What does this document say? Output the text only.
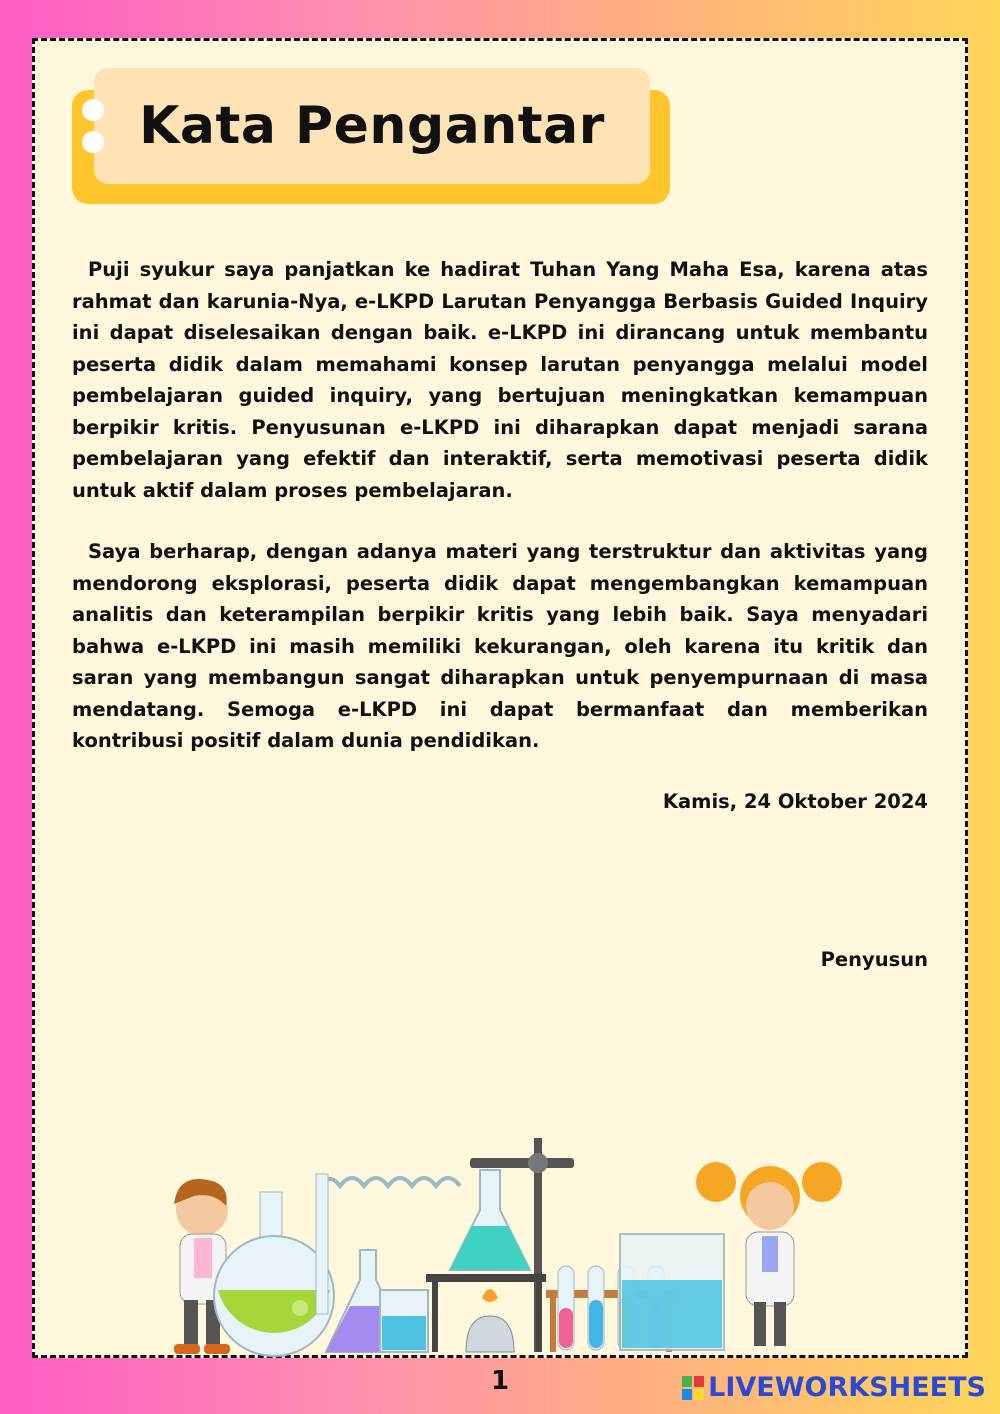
Kata Pengantar

Puji syukur saya panjatkan ke hadirat Tuhan Yang Maha Esa, karena atas rahmat dan karunia-Nya, e-LKPD Larutan Penyangga Berbasis Guided Inquiry ini dapat diselesaikan dengan baik. e-LKPD ini dirancang untuk membantu peserta didik dalam memahami konsep larutan penyangga melalui model pembelajaran guided inquiry, yang bertujuan meningkatkan kemampuan berpikir kritis. Penyusunan e-LKPD ini diharapkan dapat menjadi sarana pembelajaran yang efektif dan interaktif, serta memotivasi peserta didik untuk aktif dalam proses pembelajaran.

Saya berharap, dengan adanya materi yang terstruktur dan aktivitas yang mendorong eksplorasi, peserta didik dapat mengembangkan kemampuan analitis dan keterampilan berpikir kritis yang lebih baik. Saya menyadari bahwa e-LKPD ini masih memiliki kekurangan, oleh karena itu kritik dan saran yang membangun sangat diharapkan untuk penyempurnaan di masa mendatang. Semoga e-LKPD ini dapat bermanfaat dan memberikan kontribusi positif dalam dunia pendidikan.

Kamis, 24 Oktober 2024
Penyusun
1	LIVEWORKSHEETS
